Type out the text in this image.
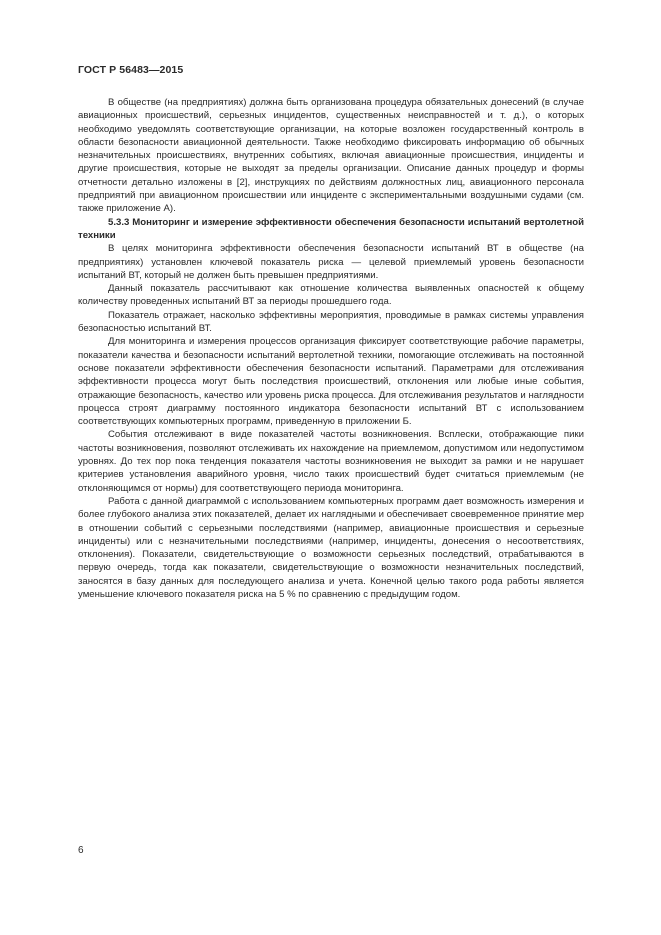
ГОСТ Р 56483—2015

В обществе (на предприятиях) должна быть организована процедура обязательных донесений (в случае авиационных происшествий, серьезных инцидентов, существенных неисправностей и т. д.), о которых необходимо уведомлять соответствующие организации, на которые возложен государственный контроль в области безопасности авиационной деятельности. Также необходимо фиксировать информацию об обычных незначительных происшествиях, внутренних событиях, включая авиационные происшествия, инциденты и другие происшествия, которые не выходят за пределы организации. Описание данных процедур и формы отчетности детально изложены в [2], инструкциях по действиям должностных лиц, авиационного персонала предприятий при авиационном происшествии или инциденте с экспериментальными воздушными судами (см. также приложение А).

5.3.3 Мониторинг и измерение эффективности обеспечения безопасности испытаний вертолетной техники

В целях мониторинга эффективности обеспечения безопасности испытаний ВТ в обществе (на предприятиях) установлен ключевой показатель риска — целевой приемлемый уровень безопасности испытаний ВТ, который не должен быть превышен предприятиями.

Данный показатель рассчитывают как отношение количества выявленных опасностей к общему количеству проведенных испытаний ВТ за периоды прошедшего года.

Показатель отражает, насколько эффективны мероприятия, проводимые в рамках системы управления безопасностью испытаний ВТ.

Для мониторинга и измерения процессов организация фиксирует соответствующие рабочие параметры, показатели качества и безопасности испытаний вертолетной техники, помогающие отслеживать на постоянной основе показатели эффективности обеспечения безопасности испытаний. Параметрами для отслеживания эффективности процесса могут быть последствия происшествий, отклонения или любые иные события, отражающие безопасность, качество или уровень риска процесса. Для отслеживания результатов и наглядности процесса строят диаграмму постоянного индикатора безопасности испытаний ВТ с использованием соответствующих компьютерных программ, приведенную в приложении Б.

События отслеживают в виде показателей частоты возникновения. Всплески, отображающие пики частоты возникновения, позволяют отслеживать их нахождение на приемлемом, допустимом или недопустимом уровнях. До тех пор пока тенденция показателя частоты возникновения не выходит за рамки и не нарушает критериев установления аварийного уровня, число таких происшествий будет считаться приемлемым (не отклоняющимся от нормы) для соответствующего периода мониторинга.

Работа с данной диаграммой с использованием компьютерных программ дает возможность измерения и более глубокого анализа этих показателей, делает их наглядными и обеспечивает своевременное принятие мер в отношении событий с серьезными последствиями (например, авиационные происшествия и серьезные инциденты) или с незначительными последствиями (например, инциденты, донесения о несоответствиях, отклонения). Показатели, свидетельствующие о возможности серьезных последствий, отрабатываются в первую очередь, тогда как показатели, свидетельствующие о возможности незначительных последствий, заносятся в базу данных для последующего анализа и учета. Конечной целью такого рода работы является уменьшение ключевого показателя риска на 5 % по сравнению с предыдущим годом.

6
